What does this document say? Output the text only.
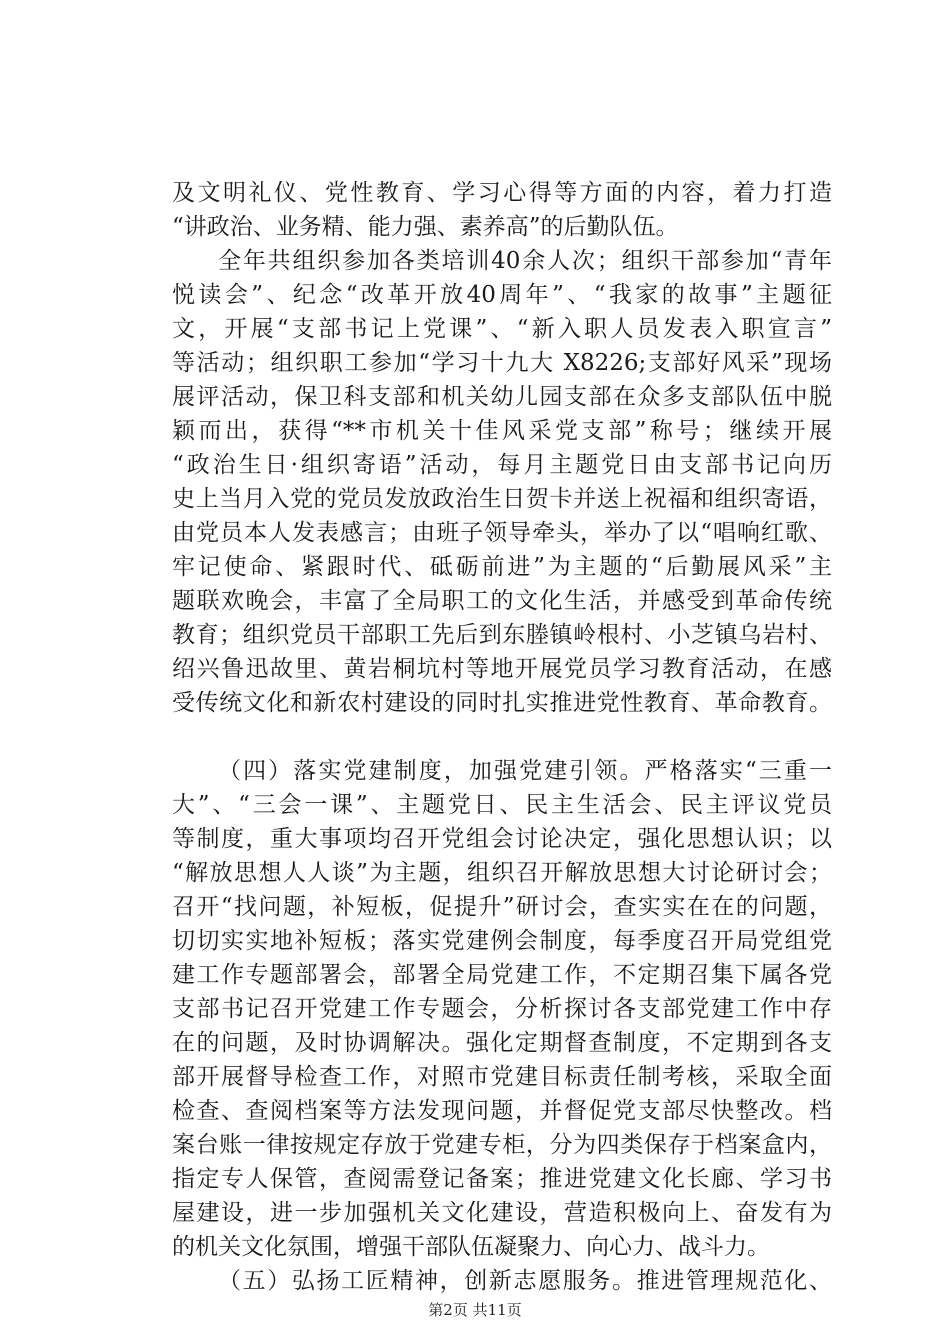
及文明礼仪、党性教育、学习心得等方面的内容，着力打造
“讲政治、业务精、能力强、素养高”的后勤队伍。
全年共组织参加各类培训40余人次；组织干部参加“青年
悦读会”、纪念“改革开放40周年”、“我家的故事”主题征
文，开展“支部书记上党课”、“新入职人员发表入职宣言”
等活动；组织职工参加“学习十九大 X8226;支部好风采”现场
展评活动，保卫科支部和机关幼儿园支部在众多支部队伍中脱
颖而出，获得“**市机关十佳风采党支部”称号；继续开展
“政治生日·组织寄语”活动，每月主题党日由支部书记向历
史上当月入党的党员发放政治生日贺卡并送上祝福和组织寄语，
由党员本人发表感言；由班子领导牵头，举办了以“唱响红歌、
牢记使命、紧跟时代、砥砺前进”为主题的“后勤展风采”主
题联欢晚会，丰富了全局职工的文化生活，并感受到革命传统
教育；组织党员干部职工先后到东塍镇岭根村、小芝镇乌岩村、
绍兴鲁迅故里、黄岩桐坑村等地开展党员学习教育活动，在感
受传统文化和新农村建设的同时扎实推进党性教育、革命教育。
（四）落实党建制度，加强党建引领。严格落实“三重一
大”、“三会一课”、主题党日、民主生活会、民主评议党员
等制度，重大事项均召开党组会讨论决定，强化思想认识；以
“解放思想人人谈”为主题，组织召开解放思想大讨论研讨会；
召开“找问题，补短板，促提升”研讨会，查实实在在的问题，
切切实实地补短板；落实党建例会制度，每季度召开局党组党
建工作专题部署会，部署全局党建工作，不定期召集下属各党
支部书记召开党建工作专题会，分析探讨各支部党建工作中存
在的问题，及时协调解决。强化定期督查制度，不定期到各支
部开展督导检查工作，对照市党建目标责任制考核，采取全面
检查、查阅档案等方法发现问题，并督促党支部尽快整改。档
案台账一律按规定存放于党建专柜，分为四类保存于档案盒内，
指定专人保管，查阅需登记备案；推进党建文化长廊、学习书
屋建设，进一步加强机关文化建设，营造积极向上、奋发有为
的机关文化氛围，增强干部队伍凝聚力、向心力、战斗力。
（五）弘扬工匠精神，创新志愿服务。推进管理规范化、
第2页 共11页
